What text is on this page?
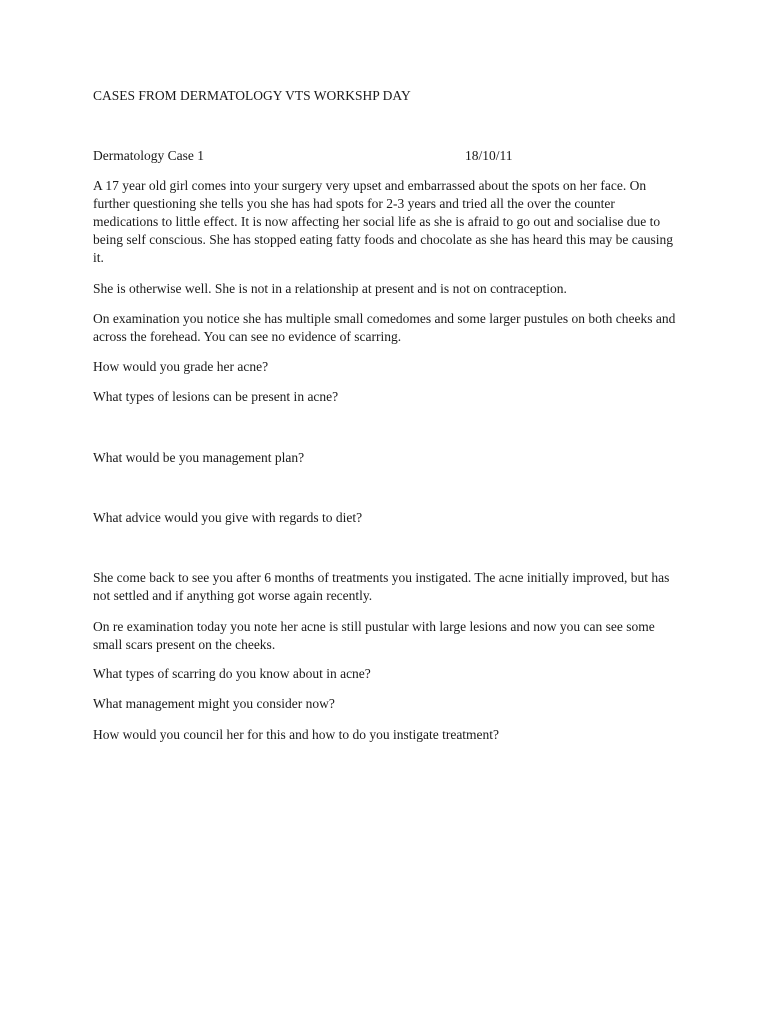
CASES FROM DERMATOLOGY VTS WORKSHP DAY

Dermatology Case 1	18/10/11

A 17 year old girl comes into your surgery very upset and embarrassed about the spots on her face. On further questioning she tells you she has had spots for 2-3 years and tried all the over the counter medications to little effect. It is now affecting her social life as she is afraid to go out and socialise due to being self conscious. She has stopped eating fatty foods and chocolate as she has heard this may be causing it.

She is otherwise well. She is not in a relationship at present and is not on contraception.

On examination you notice she has multiple small comedomes and some larger pustules on both cheeks and across the forehead. You can see no evidence of scarring.

How would you grade her acne?

What types of lesions can be present in acne?

What would be you management plan?

What advice would you give with regards to diet?

She come back to see you after 6 months of treatments you instigated. The acne initially improved, but has not settled and if anything got worse again recently.

On re examination today you note her acne is still pustular with large lesions and now you can see some small scars present on the cheeks.

What types of scarring do you know about in acne?

What management might you consider now?

How would you council her for this and how to do you instigate treatment?
